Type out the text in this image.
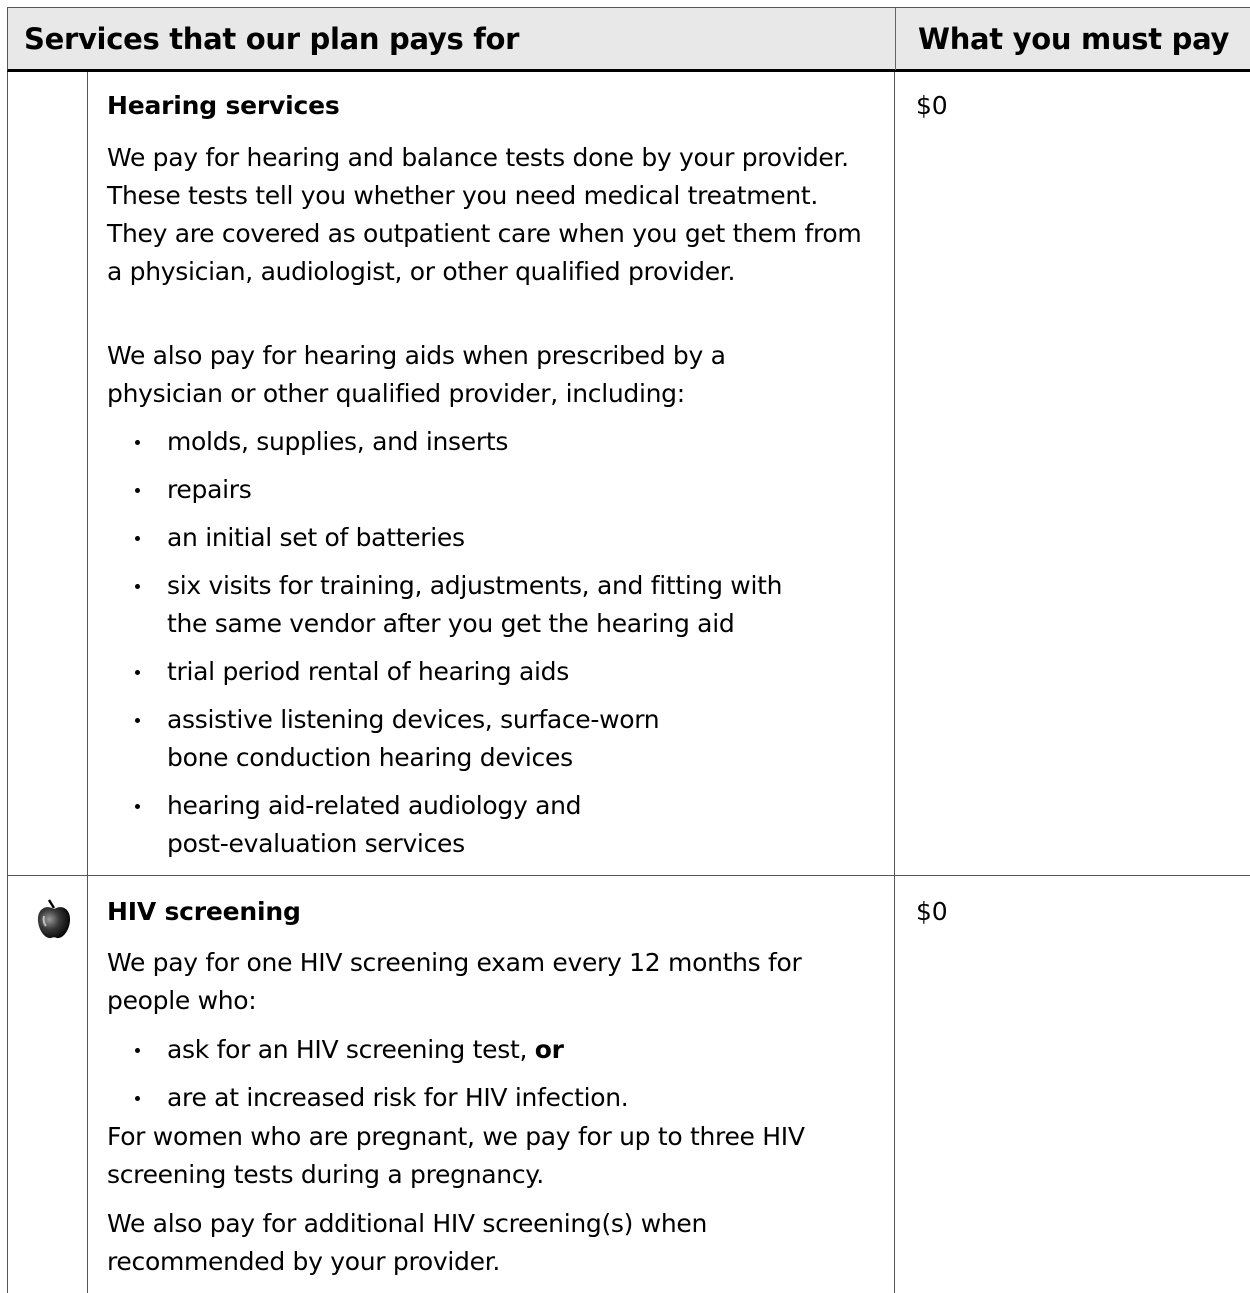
Services that our plan pays for	What you must pay
Hearing services	$0
We pay for hearing and balance tests done by your provider. These tests tell you whether you need medical treatment. They are covered as outpatient care when you get them from a physician, audiologist, or other qualified provider.
We also pay for hearing aids when prescribed by a physician or other qualified provider, including:
molds, supplies, and inserts
repairs
an initial set of batteries
six visits for training, adjustments, and fitting with the same vendor after you get the hearing aid
trial period rental of hearing aids
assistive listening devices, surface-worn bone conduction hearing devices
hearing aid-related audiology and post-evaluation services
HIV screening	$0
We pay for one HIV screening exam every 12 months for people who:
ask for an HIV screening test, or
are at increased risk for HIV infection.
For women who are pregnant, we pay for up to three HIV screening tests during a pregnancy.
We also pay for additional HIV screening(s) when recommended by your provider.
